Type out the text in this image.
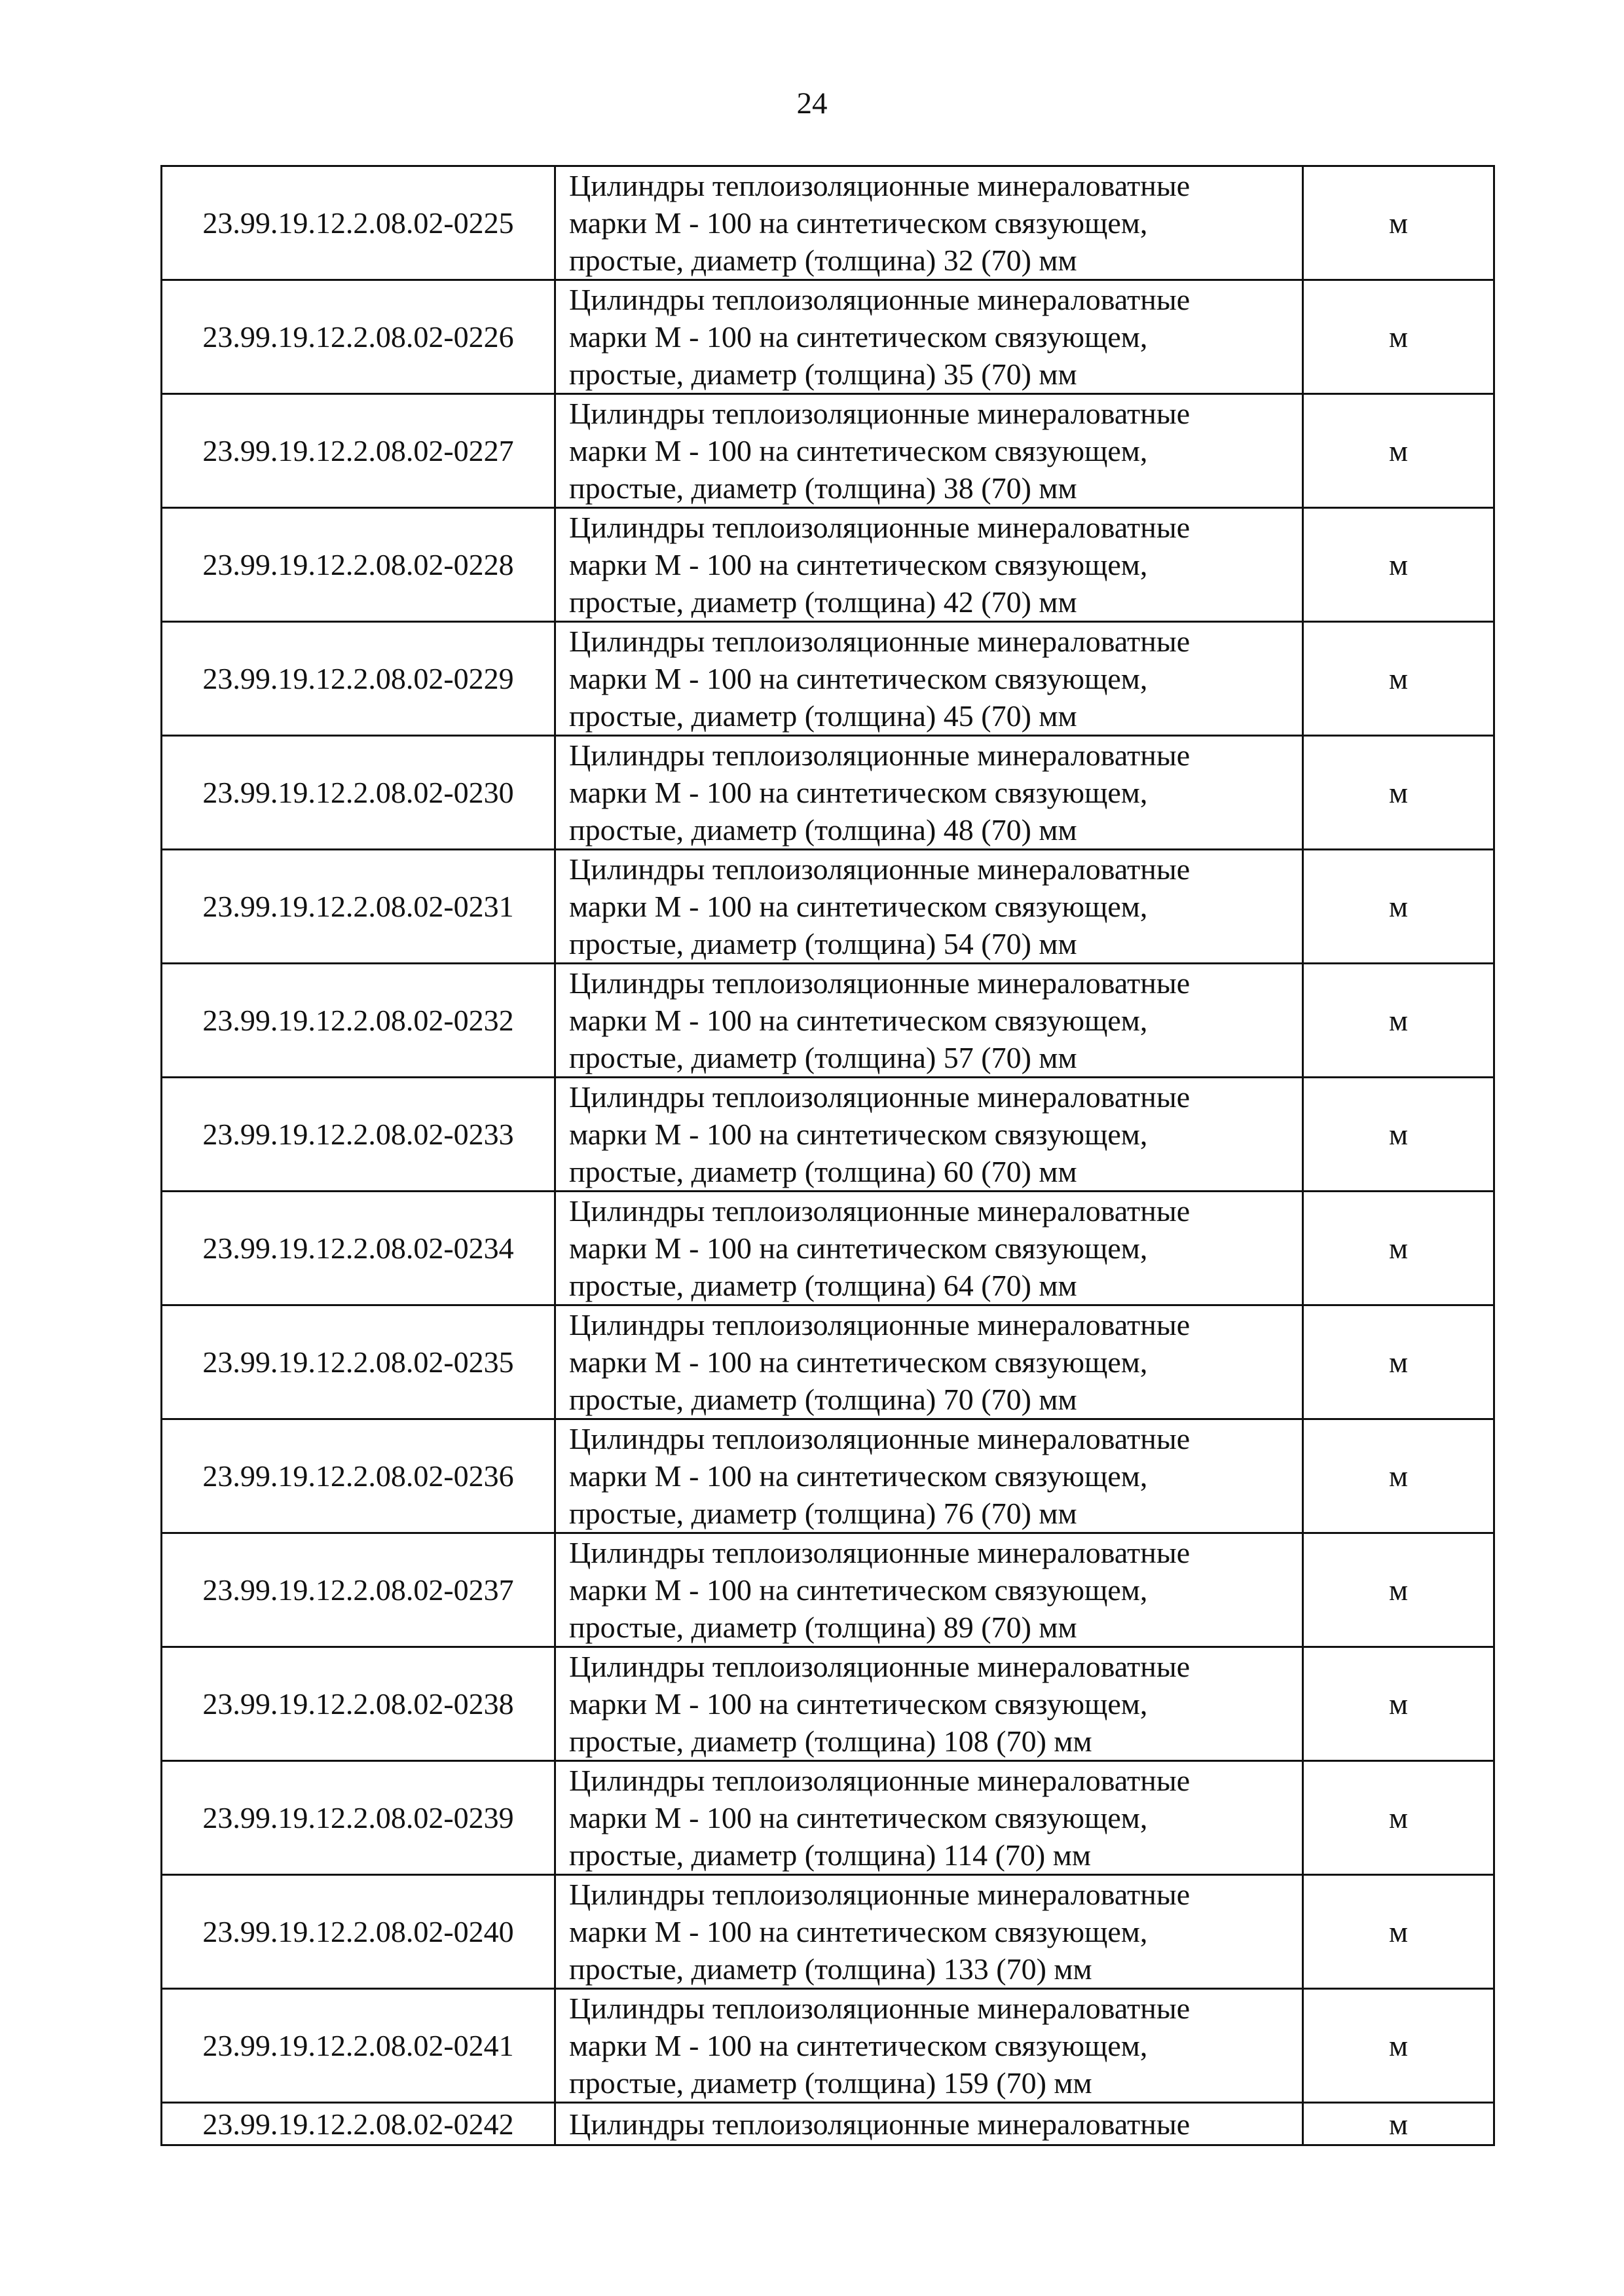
24
23.99.19.12.2.08.02-0225	Цилиндры теплоизоляционные минераловатные
марки М - 100 на синтетическом связующем,
простые, диаметр (толщина) 32 (70) мм	м
23.99.19.12.2.08.02-0226	Цилиндры теплоизоляционные минераловатные
марки М - 100 на синтетическом связующем,
простые, диаметр (толщина) 35 (70) мм	м
23.99.19.12.2.08.02-0227	Цилиндры теплоизоляционные минераловатные
марки М - 100 на синтетическом связующем,
простые, диаметр (толщина) 38 (70) мм	м
23.99.19.12.2.08.02-0228	Цилиндры теплоизоляционные минераловатные
марки М - 100 на синтетическом связующем,
простые, диаметр (толщина) 42 (70) мм	м
23.99.19.12.2.08.02-0229	Цилиндры теплоизоляционные минераловатные
марки М - 100 на синтетическом связующем,
простые, диаметр (толщина) 45 (70) мм	м
23.99.19.12.2.08.02-0230	Цилиндры теплоизоляционные минераловатные
марки М - 100 на синтетическом связующем,
простые, диаметр (толщина) 48 (70) мм	м
23.99.19.12.2.08.02-0231	Цилиндры теплоизоляционные минераловатные
марки М - 100 на синтетическом связующем,
простые, диаметр (толщина) 54 (70) мм	м
23.99.19.12.2.08.02-0232	Цилиндры теплоизоляционные минераловатные
марки М - 100 на синтетическом связующем,
простые, диаметр (толщина) 57 (70) мм	м
23.99.19.12.2.08.02-0233	Цилиндры теплоизоляционные минераловатные
марки М - 100 на синтетическом связующем,
простые, диаметр (толщина) 60 (70) мм	м
23.99.19.12.2.08.02-0234	Цилиндры теплоизоляционные минераловатные
марки М - 100 на синтетическом связующем,
простые, диаметр (толщина) 64 (70) мм	м
23.99.19.12.2.08.02-0235	Цилиндры теплоизоляционные минераловатные
марки М - 100 на синтетическом связующем,
простые, диаметр (толщина) 70 (70) мм	м
23.99.19.12.2.08.02-0236	Цилиндры теплоизоляционные минераловатные
марки М - 100 на синтетическом связующем,
простые, диаметр (толщина) 76 (70) мм	м
23.99.19.12.2.08.02-0237	Цилиндры теплоизоляционные минераловатные
марки М - 100 на синтетическом связующем,
простые, диаметр (толщина) 89 (70) мм	м
23.99.19.12.2.08.02-0238	Цилиндры теплоизоляционные минераловатные
марки М - 100 на синтетическом связующем,
простые, диаметр (толщина) 108 (70) мм	м
23.99.19.12.2.08.02-0239	Цилиндры теплоизоляционные минераловатные
марки М - 100 на синтетическом связующем,
простые, диаметр (толщина) 114 (70) мм	м
23.99.19.12.2.08.02-0240	Цилиндры теплоизоляционные минераловатные
марки М - 100 на синтетическом связующем,
простые, диаметр (толщина) 133 (70) мм	м
23.99.19.12.2.08.02-0241	Цилиндры теплоизоляционные минераловатные
марки М - 100 на синтетическом связующем,
простые, диаметр (толщина) 159 (70) мм	м
23.99.19.12.2.08.02-0242	Цилиндры теплоизоляционные минераловатные	м
